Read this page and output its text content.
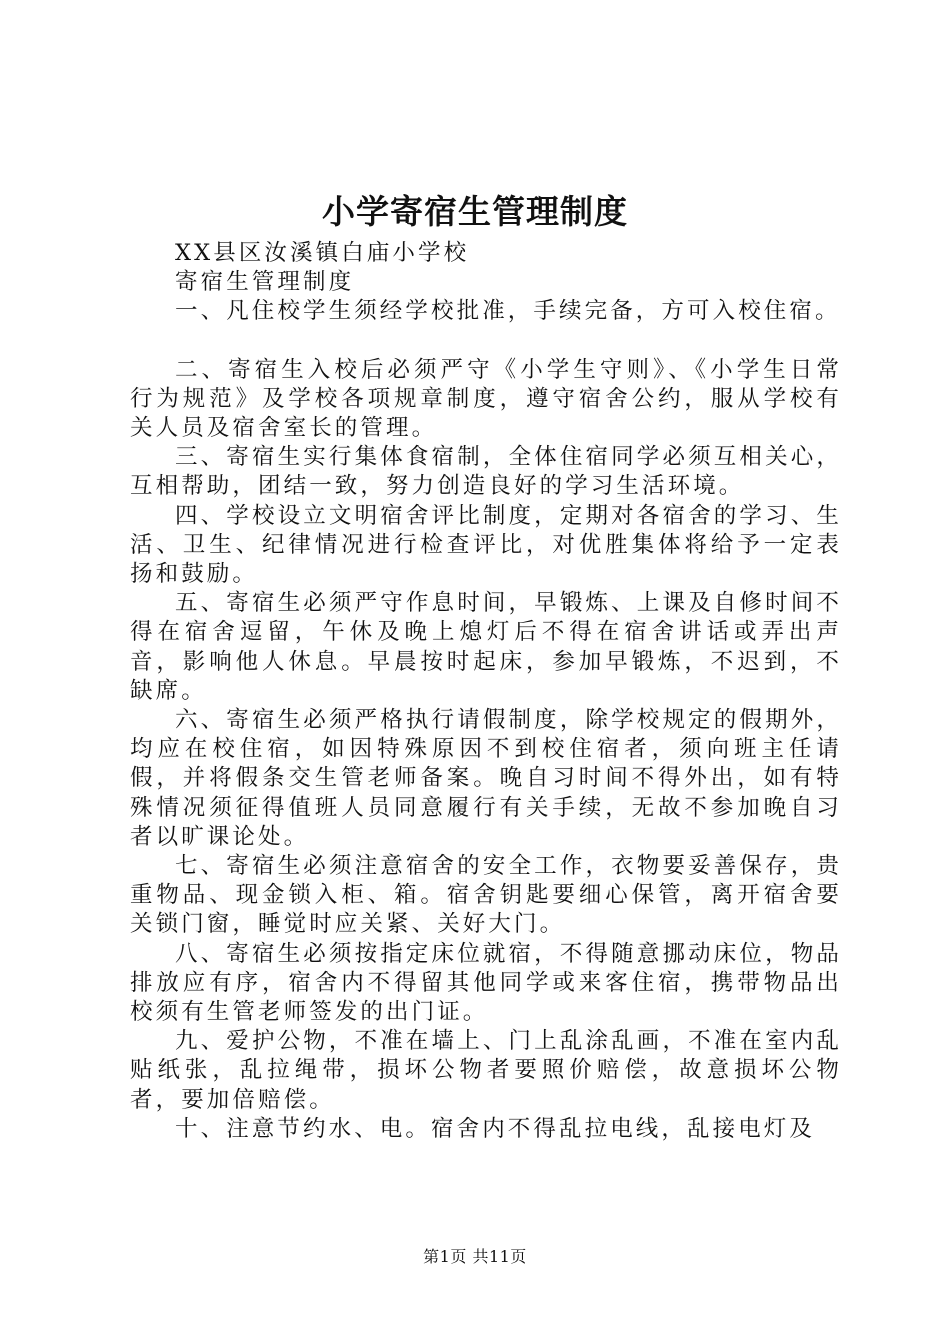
小学寄宿生管理制度

XX县区汝溪镇白庙小学校

寄宿生管理制度

一、凡住校学生须经学校批准，手续完备，方可入校住宿。

二、寄宿生入校后必须严守《小学生守则》、《小学生日常行为规范》及学校各项规章制度，遵守宿舍公约，服从学校有关人员及宿舍室长的管理。

三、寄宿生实行集体食宿制，全体住宿同学必须互相关心，互相帮助，团结一致，努力创造良好的学习生活环境。

四、学校设立文明宿舍评比制度，定期对各宿舍的学习、生活、卫生、纪律情况进行检查评比，对优胜集体将给予一定表扬和鼓励。

五、寄宿生必须严守作息时间，早锻炼、上课及自修时间不得在宿舍逗留，午休及晚上熄灯后不得在宿舍讲话或弄出声音，影响他人休息。早晨按时起床，参加早锻炼，不迟到，不缺席。

六、寄宿生必须严格执行请假制度，除学校规定的假期外，均应在校住宿，如因特殊原因不到校住宿者，须向班主任请假，并将假条交生管老师备案。晚自习时间不得外出，如有特殊情况须征得值班人员同意履行有关手续，无故不参加晚自习者以旷课论处。

七、寄宿生必须注意宿舍的安全工作，衣物要妥善保存，贵重物品、现金锁入柜、箱。宿舍钥匙要细心保管，离开宿舍要关锁门窗，睡觉时应关紧、关好大门。

八、寄宿生必须按指定床位就宿，不得随意挪动床位，物品排放应有序，宿舍内不得留其他同学或来客住宿，携带物品出校须有生管老师签发的出门证。

九、爱护公物，不准在墙上、门上乱涂乱画，不准在室内乱贴纸张，乱拉绳带，损坏公物者要照价赔偿，故意损坏公物者，要加倍赔偿。

十、注意节约水、电。宿舍内不得乱拉电线，乱接电灯及

第1页 共11页
